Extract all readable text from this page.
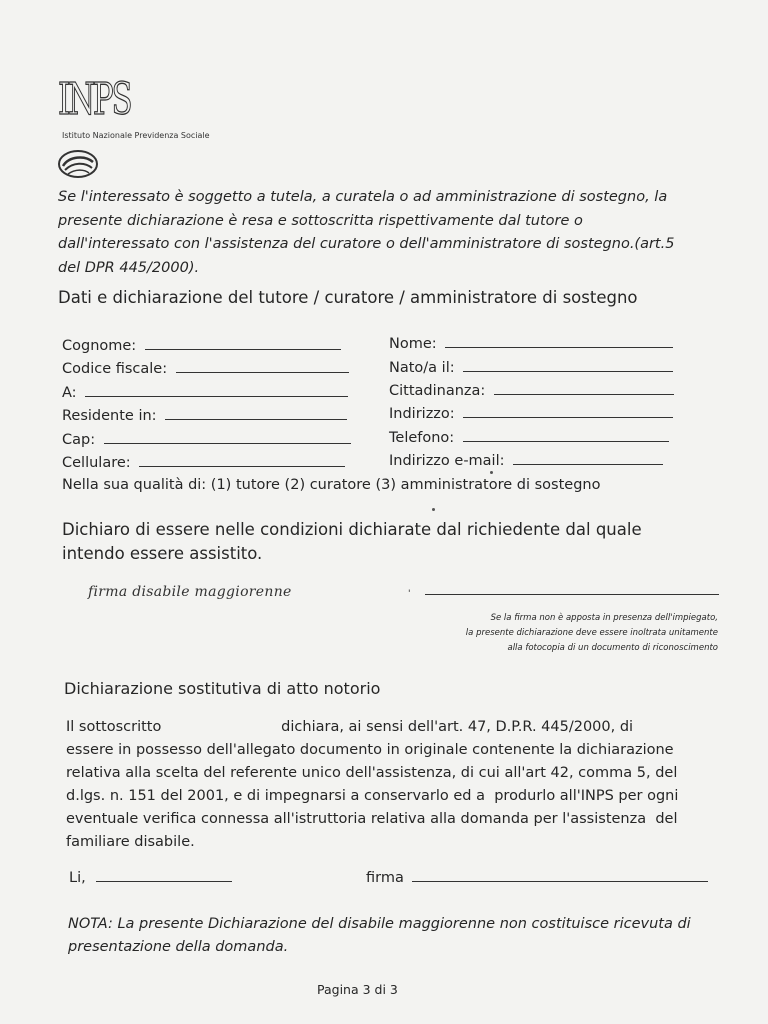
INPS
Istituto Nazionale Previdenza Sociale

Se l'interessato è soggetto a tutela, a curatela o ad amministrazione di sostegno, la

presente dichiarazione è resa e sottoscritta rispettivamente dal tutore o

dall'interessato con l'assistenza del curatore o dell'amministratore di sostegno.(art.5

del DPR 445/2000).

Dati e dichiarazione del tutore / curatore / amministratore di sostegno
Cognome:
Codice fiscale:
A:
Residente in:
Cap:
Cellulare:
Nome:
Nato/a il:
Cittadinanza:
Indirizzo:
Telefono:
Indirizzo e-mail:
Nella sua qualità di: (1) tutore (2) curatore (3) amministratore di sostegno

Dichiaro di essere nelle condizioni dichiarate dal richiedente dal quale

intendo essere assistito.

firma disabile maggiorenne	'

Se la firma non è apposta in presenza dell'impiegato,

la presente dichiarazione deve essere inoltrata unitamente

alla fotocopia di un documento di riconoscimento

Dichiarazione sostitutiva di atto notorio

Il sottoscritto                          dichiara, ai sensi dell'art. 47, D.P.R. 445/2000, di

essere in possesso dell'allegato documento in originale contenente la dichiarazione

relativa alla scelta del referente unico dell'assistenza, di cui all'art 42, comma 5, del

d.lgs. n. 151 del 2001, e di impegnarsi a conservarlo ed a  produrlo all'INPS per ogni

eventuale verifica connessa all'istruttoria relativa alla domanda per l'assistenza  del

familiare disabile.

Li,	firma

NOTA: La presente Dichiarazione del disabile maggiorenne non costituisce ricevuta di

presentazione della domanda.

Pagina 3 di 3
